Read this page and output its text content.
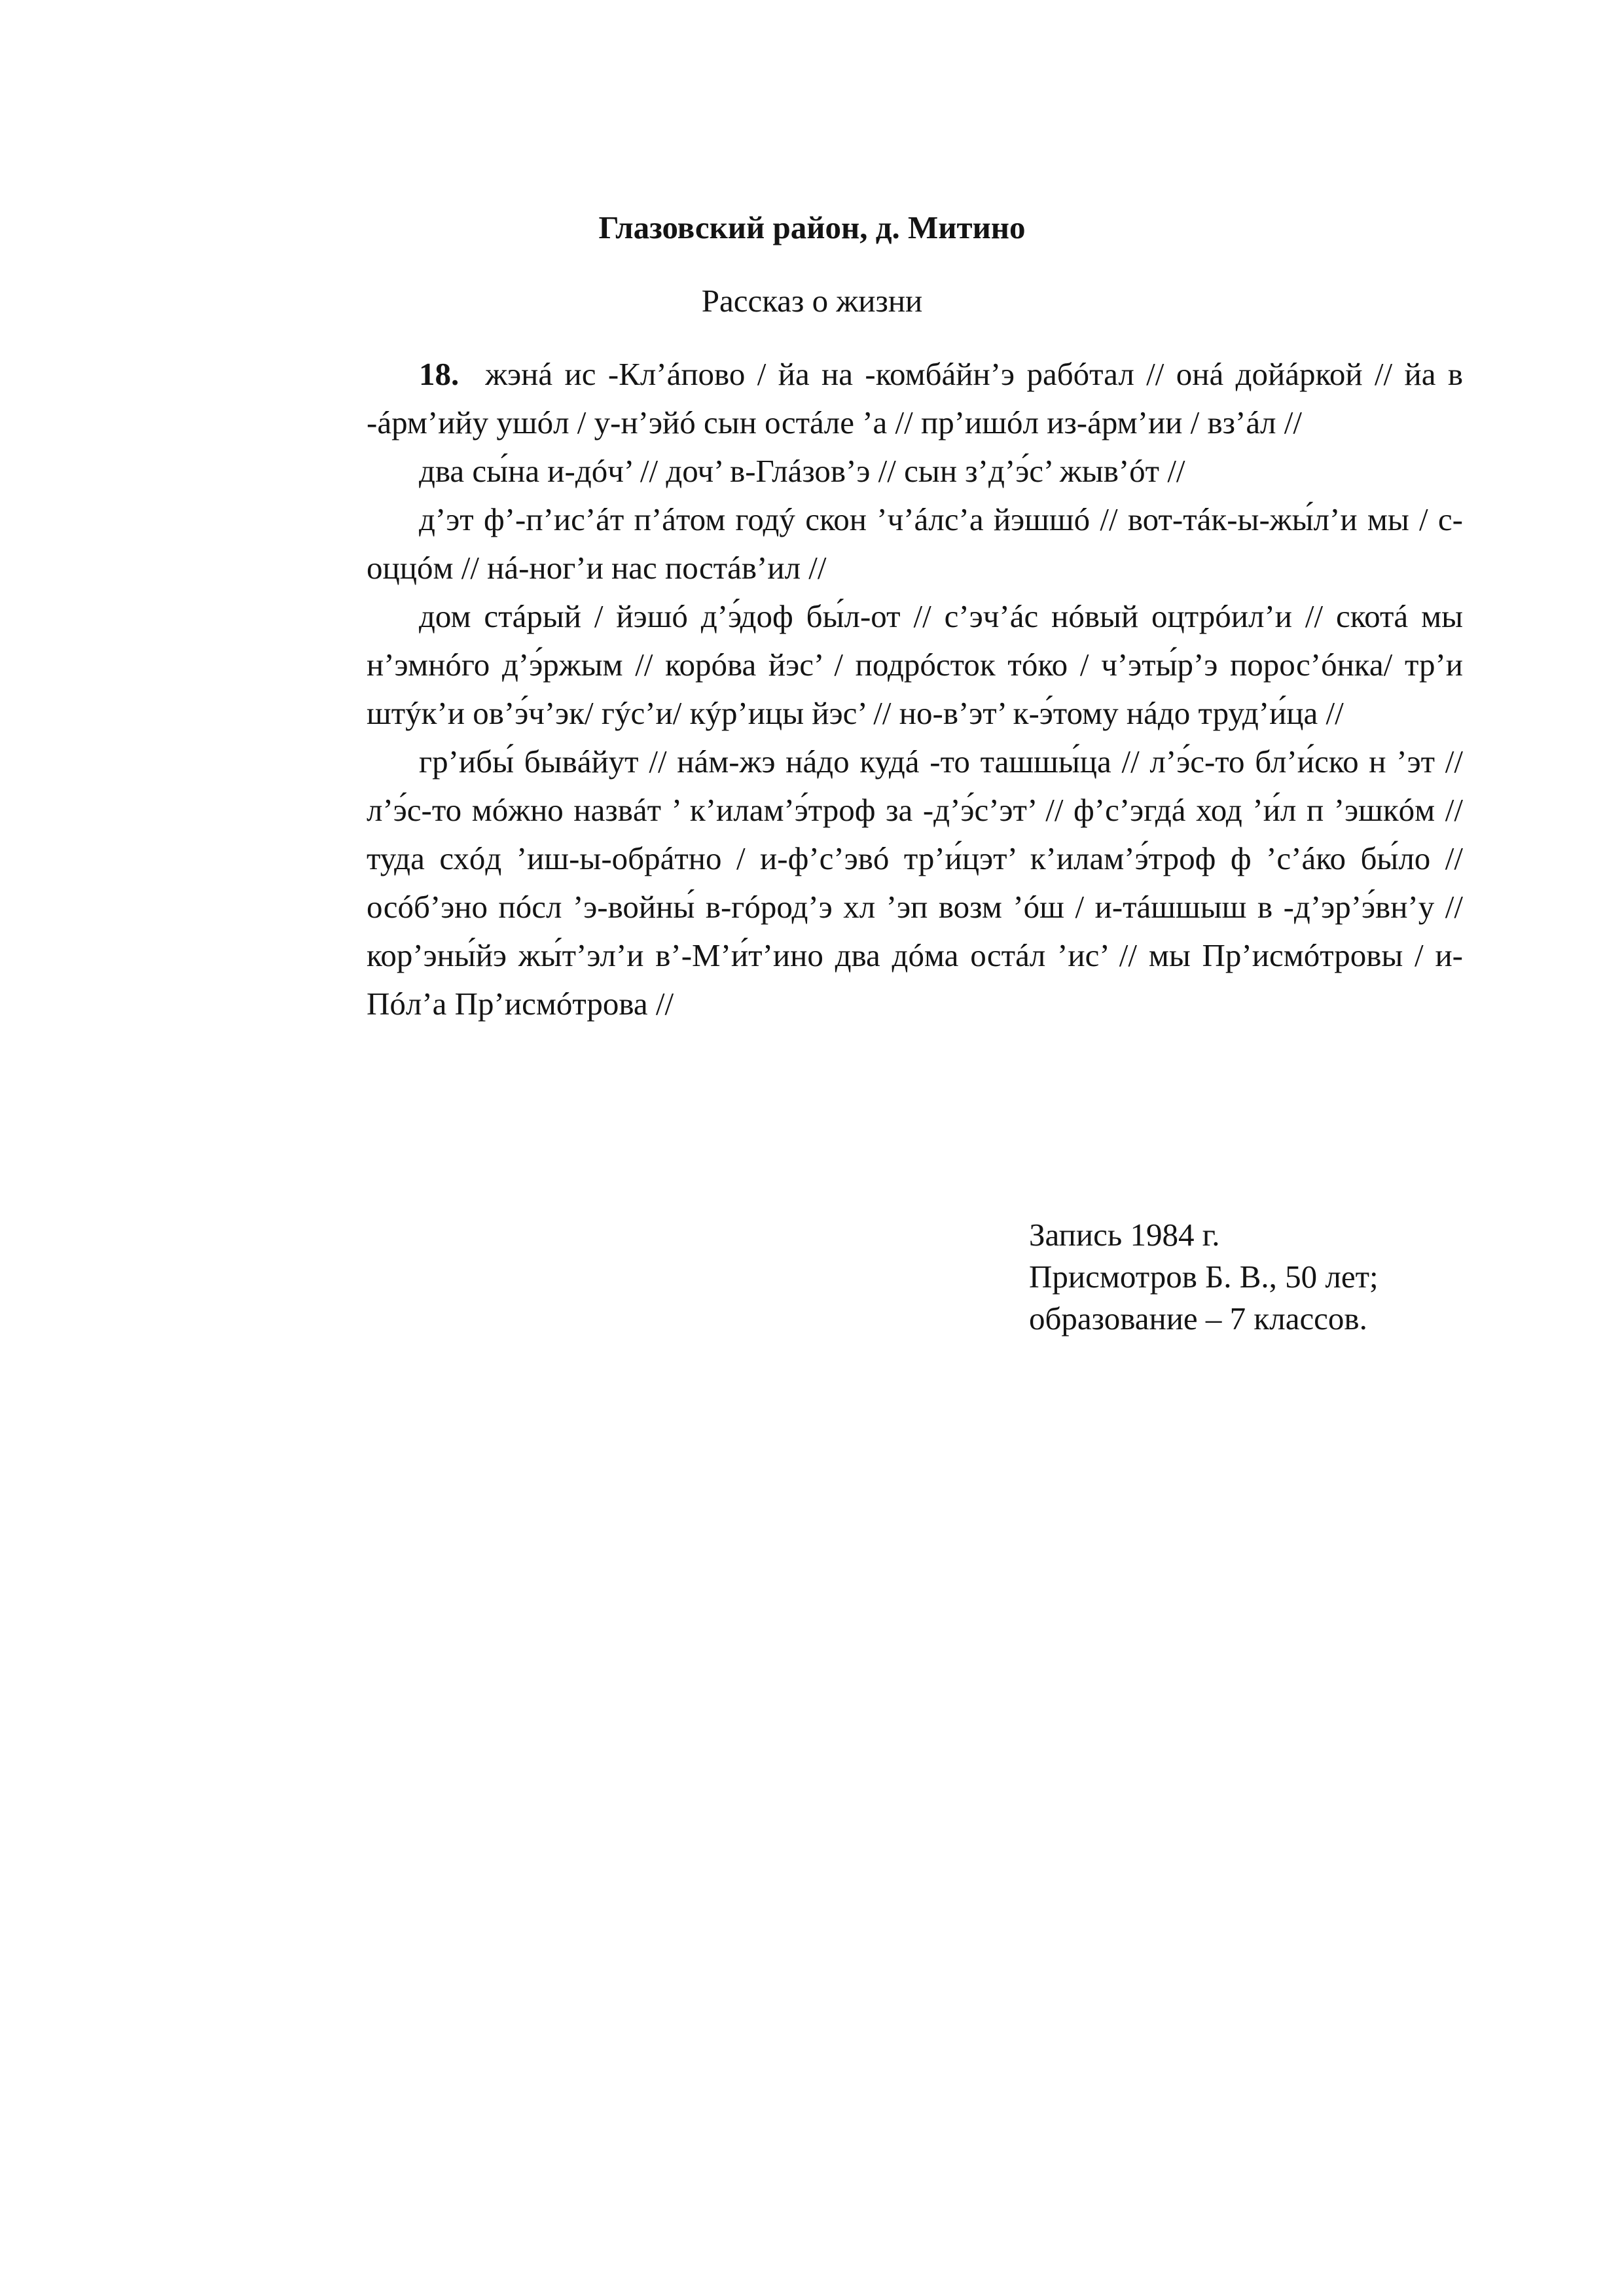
Глазовский район, д. Митино
Рассказ о жизни

18. жэнá ис -Кл’áпово / йа на -комбáйн’э рабóтал // онá дойáркой // йа в -áрм’ийу ушóл / у-н’эйó сын остáле ’а // пр’ишóл из-áрм’ии / вз’áл //

два сы́на и-дóч’ // доч’ в-Глáзов’э // сын з’д’э́с’ жыв’óт //

д’эт ф’-п’ис’áт п’áтом годý скон ’ч’áлс’а йэшшó // вот-тáк-ы-жы́л’и мы / с-оццóм // нá-ног’и нас постáв’ил //

дом стáрый / йэшó д’э́доф бы́л-от // с’эч’áс нóвый оцтрóил’и // скотá мы н’эмнóго д’э́ржым // корóва йэс’ / подрóсток тóко / ч’эты́р’э порос’óнка/ тр’и штýк’и ов’э́ч’эк/ гýс’и/ кýр’ицы йэс’ // но-в’эт’ к-э́тому нáдо труд’и́ца //

гр’ибы́ бывáйут // нáм-жэ нáдо кудá -то ташшы́ца // л’э́с-то бл’и́ско н ’эт // л’э́с-то мóжно назвáт ’ к’илам’э́троф за -д’э́с’эт’ // ф’с’эгдá ход ’и́л п ’эшкóм // туда схóд ’иш-ы-обрáтно / и-ф’с’эвó тр’и́цэт’ к’илам’э́троф ф ’с’áко бы́ло // осóб’эно пóсл ’э-войны́ в-гóрод’э хл ’эп возм ’óш / и-тáшшыш в -д’эр’э́вн’у // кор’эны́йэ жы́т’эл’и в’-М’и́т’ино два дóма остáл ’ис’ // мы Пр’исмóтровы / и-Пóл’а Пр’исмóтрова //

Запись 1984 г.
Присмотров Б. В., 50 лет;
образование – 7 классов.
